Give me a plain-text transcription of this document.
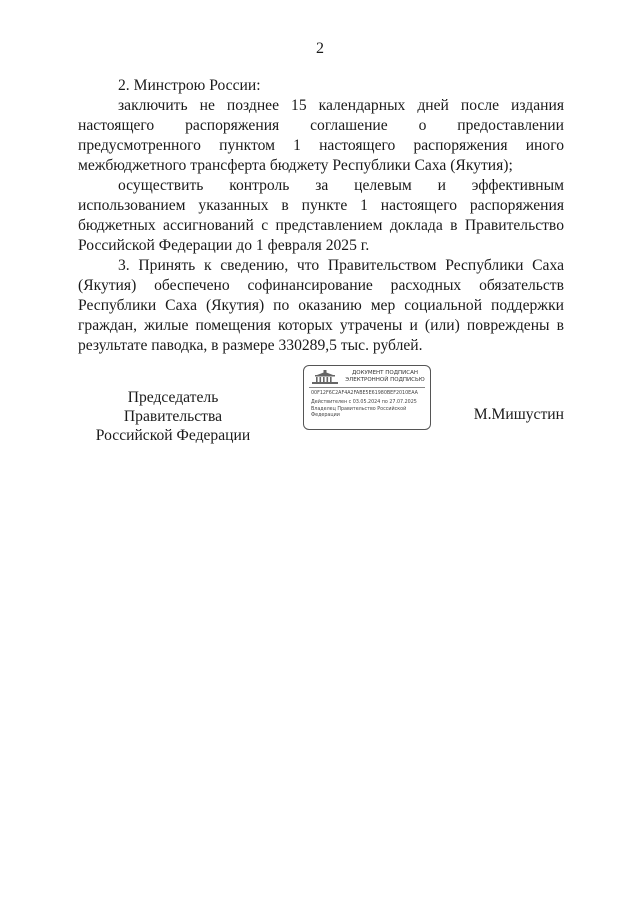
2

2. Минстрою России:

заключить не позднее 15 календарных дней после издания настоящего распоряжения соглашение о предоставлении предусмотренного пунктом 1 настоящего распоряжения иного межбюджетного трансферта бюджету Республики Саха (Якутия);

осуществить контроль за целевым и эффективным использованием указанных в пункте 1 настоящего распоряжения бюджетных ассигнований с представлением доклада в Правительство Российской Федерации до 1 февраля 2025 г.

3. Принять к сведению, что Правительством Республики Саха (Якутия) обеспечено софинансирование расходных обязательств Республики Саха (Якутия) по оказанию мер социальной поддержки граждан, жилые помещения которых утрачены и (или) повреждены в результате паводка, в размере 330289,5 тыс. рублей.

Председатель Правительства
Российской Федерации
ДОКУМЕНТ ПОДПИСАН
ЭЛЕКТРОННОЙ ПОДПИСЬЮ
00F12F6C2AF4A2FABE5E61980BEF2010EAA
Действителен с 03.05.2024 по 27.07.2025
Владелец Правительство Российской
Федерации	М.Мишустин
